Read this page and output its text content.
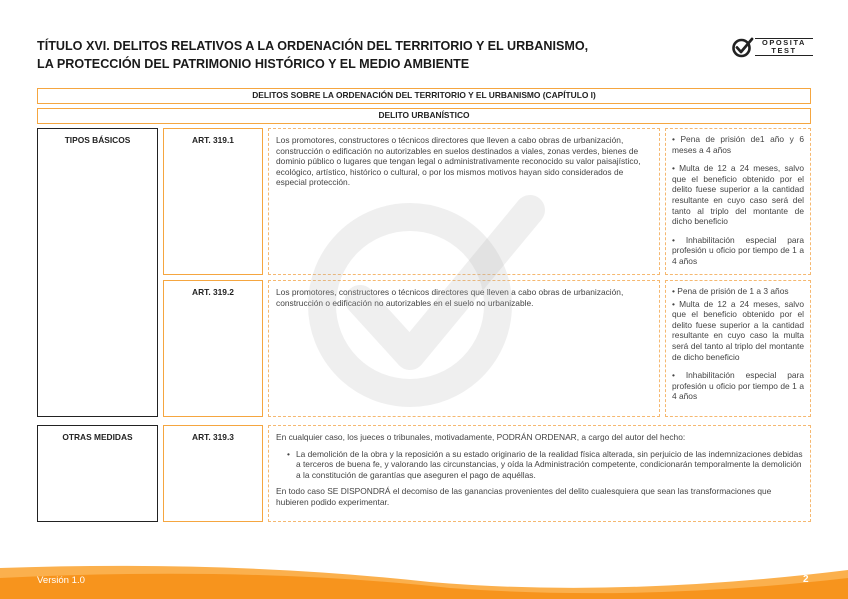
TÍTULO XVI. DELITOS RELATIVOS A LA ORDENACIÓN DEL TERRITORIO Y EL URBANISMO,
LA PROTECCIÓN DEL PATRIMONIO HISTÓRICO Y EL MEDIO AMBIENTE
OPOSITA
TEST
DELITOS SOBRE LA ORDENACIÓN DEL TERRITORIO Y EL URBANISMO (CAPÍTULO I)
DELITO URBANÍSTICO
TIPOS BÁSICOS	ART. 319.1	Los promotores, constructores o técnicos directores que lleven a cabo obras de urbanización, construcción o edificación no autorizables en suelos destinados a viales, zonas verdes, bienes de dominio público o lugares que tengan legal o administrativamente reconocido su valor paisajístico, ecológico, artístico, histórico o cultural, o por los mismos motivos hayan sido considerados de especial protección.

• Pena de prisión de1 año y 6 meses a 4 años

• Multa de 12 a 24 meses, salvo que el beneficio obtenido por el delito fuese superior a la cantidad resultante en cuyo caso será del tanto al triplo del montante de dicho beneficio

• Inhabilitación especial para profesión u oficio por tiempo de 1 a 4 años

ART. 319.2	Los promotores, constructores o técnicos directores que lleven a cabo obras de urbanización, construcción o edificación no autorizables en el suelo no urbanizable.

• Pena de prisión de 1 a 3 años

• Multa de 12 a 24 meses, salvo que el beneficio obtenido por el delito fuese superior a la cantidad resultante en cuyo caso la multa será del tanto al triplo del montante de dicho beneficio

• Inhabilitación especial para profesión u oficio por tiempo de 1 a 4 años

OTRAS MEDIDAS	ART. 319.3	En cualquier caso, los jueces o tribunales, motivadamente, PODRÁN ORDENAR, a cargo del autor del hecho:

• La demolición de la obra y la reposición a su estado originario de la realidad física alterada, sin perjuicio de las indemnizaciones debidas a terceros de buena fe, y valorando las circunstancias, y oída la Administración competente, condicionarán temporalmente la demolición a la constitución de garantías que aseguren el pago de aquéllas.

En todo caso SE DISPONDRÁ el decomiso de las ganancias provenientes del delito cualesquiera que sean las transformaciones que hubieren podido experimentar.

Versión 1.0	2
